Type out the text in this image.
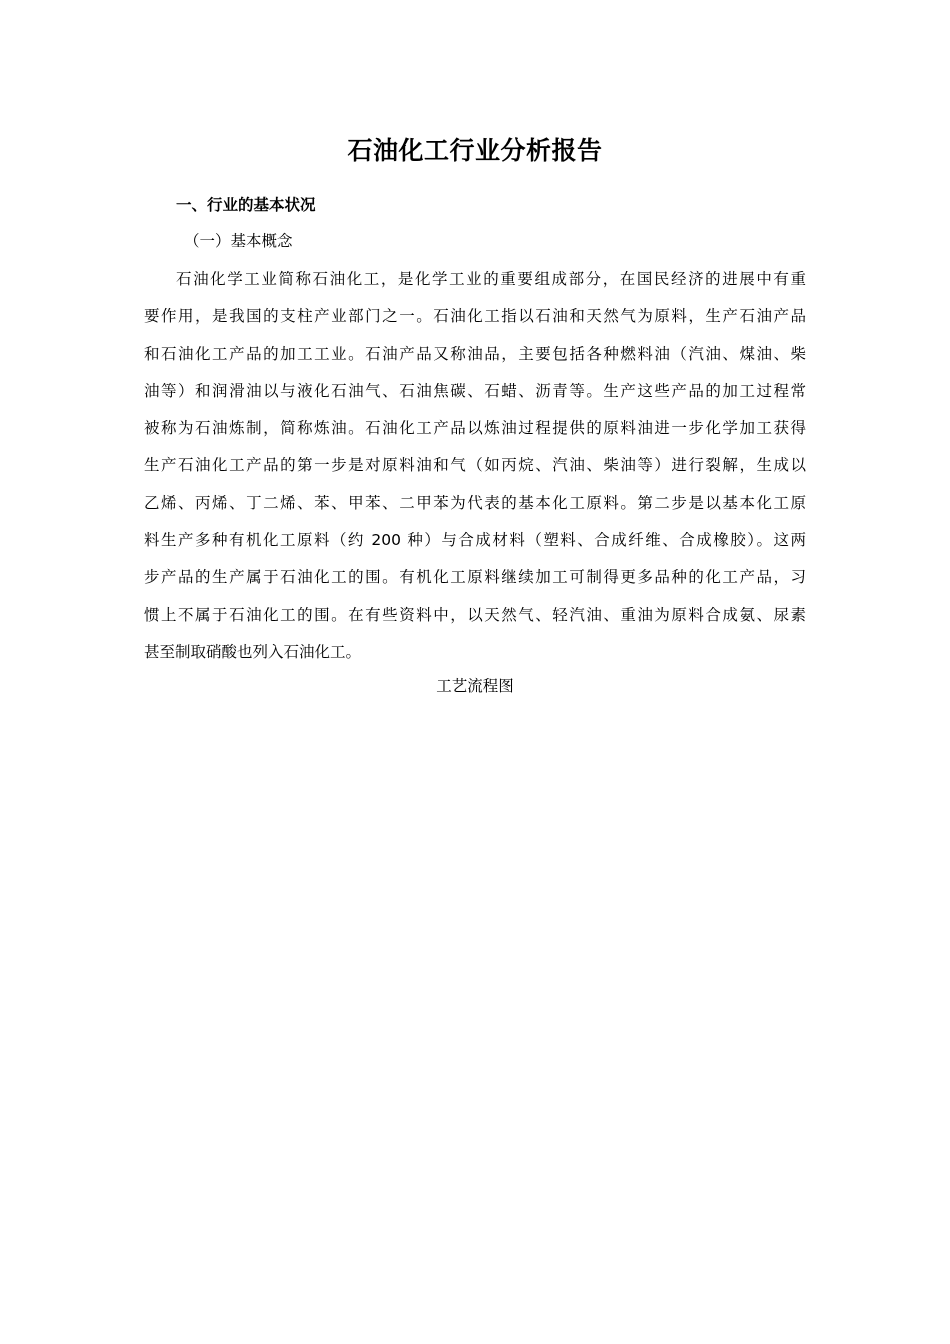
石油化工行业分析报告
一、行业的基本状况
（一）基本概念
石油化学工业简称石油化工，是化学工业的重要组成部分，在国民经济的进展中有重
要作用，是我国的支柱产业部门之一。石油化工指以石油和天然气为原料，生产石油产品
和石油化工产品的加工工业。石油产品又称油品，主要包括各种燃料油（汽油、煤油、柴
油等）和润滑油以与液化石油气、石油焦碳、石蜡、沥青等。生产这些产品的加工过程常
被称为石油炼制，简称炼油。石油化工产品以炼油过程提供的原料油进一步化学加工获得
生产石油化工产品的第一步是对原料油和气（如丙烷、汽油、柴油等）进行裂解，生成以
乙烯、丙烯、丁二烯、苯、甲苯、二甲苯为代表的基本化工原料。第二步是以基本化工原
料生产多种有机化工原料（约 200 种）与合成材料（塑料、合成纤维、合成橡胶）。这两
步产品的生产属于石油化工的围。有机化工原料继续加工可制得更多品种的化工产品，习
惯上不属于石油化工的围。在有些资料中，以天然气、轻汽油、重油为原料合成氨、尿素
甚至制取硝酸也列入石油化工。
工艺流程图
